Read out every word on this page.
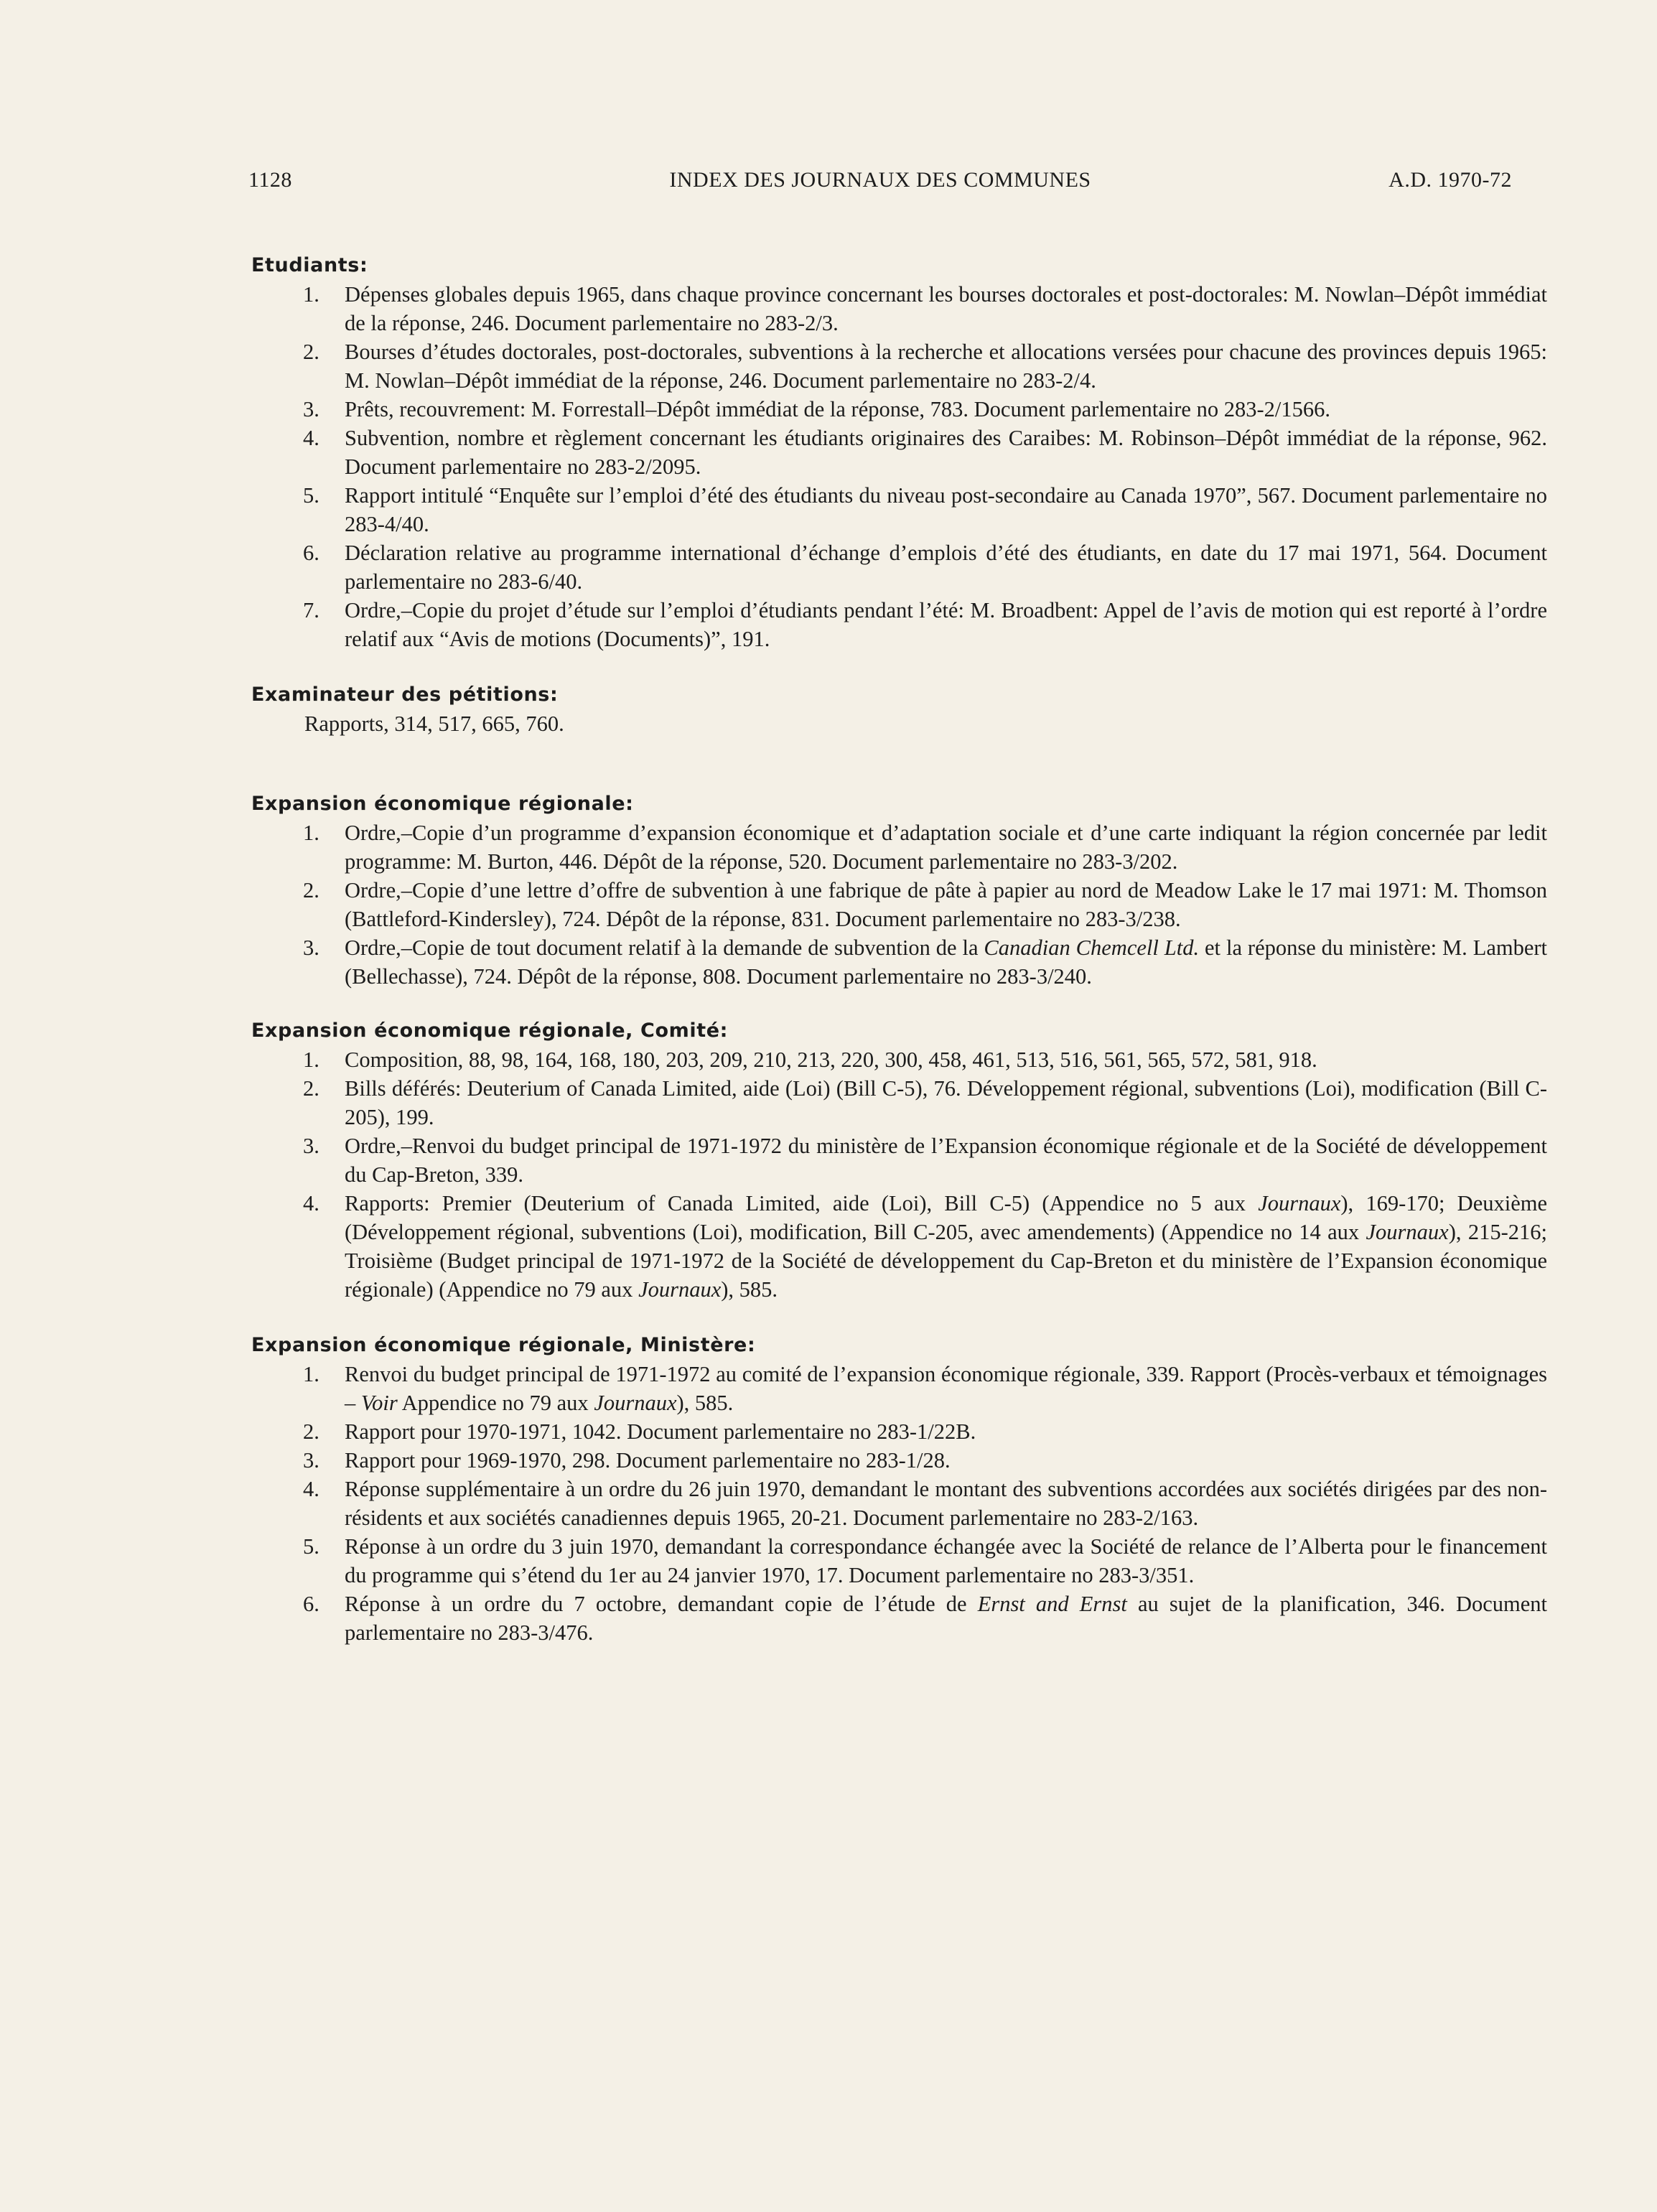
1128	INDEX DES JOURNAUX DES COMMUNES	A.D. 1970-72

Etudiants:

1. Dépenses globales depuis 1965, dans chaque province concernant les bourses doctorales et post-doctorales: M. Nowlan–Dépôt immédiat de la réponse, 246. Document parlementaire no 283-2/3.
2. Bourses d’études doctorales, post-doctorales, subventions à la recherche et allocations versées pour chacune des provinces depuis 1965: M. Nowlan–Dépôt immédiat de la réponse, 246. Document parlementaire no 283-2/4.
3. Prêts, recouvrement: M. Forrestall–Dépôt immédiat de la réponse, 783. Document parlementaire no 283-2/1566.
4. Subvention, nombre et règlement concernant les étudiants originaires des Caraibes: M. Robinson–Dépôt immédiat de la réponse, 962. Document parlementaire no 283-2/2095.
5. Rapport intitulé “Enquête sur l’emploi d’été des étudiants du niveau post-secondaire au Canada 1970”, 567. Document parlementaire no 283-4/40.
6. Déclaration relative au programme international d’échange d’emplois d’été des étudiants, en date du 17 mai 1971, 564. Document parlementaire no 283-6/40.
7. Ordre,–Copie du projet d’étude sur l’emploi d’étudiants pendant l’été: M. Broadbent: Appel de l’avis de motion qui est reporté à l’ordre relatif aux “Avis de motions (Documents)”, 191.

Examinateur des pétitions:

Rapports, 314, 517, 665, 760.

Expansion économique régionale:

1. Ordre,–Copie d’un programme d’expansion économique et d’adaptation sociale et d’une carte indiquant la région concernée par ledit programme: M. Burton, 446. Dépôt de la réponse, 520. Document parlementaire no 283-3/202.
2. Ordre,–Copie d’une lettre d’offre de subvention à une fabrique de pâte à papier au nord de Meadow Lake le 17 mai 1971: M. Thomson (Battleford-Kindersley), 724. Dépôt de la réponse, 831. Document parlementaire no 283-3/238.
3. Ordre,–Copie de tout document relatif à la demande de subvention de la Canadian Chemcell Ltd. et la réponse du ministère: M. Lambert (Bellechasse), 724. Dépôt de la réponse, 808. Document parlementaire no 283-3/240.

Expansion économique régionale, Comité:

1. Composition, 88, 98, 164, 168, 180, 203, 209, 210, 213, 220, 300, 458, 461, 513, 516, 561, 565, 572, 581, 918.
2. Bills déférés: Deuterium of Canada Limited, aide (Loi) (Bill C-5), 76. Développement régional, subventions (Loi), modification (Bill C-205), 199.
3. Ordre,–Renvoi du budget principal de 1971-1972 du ministère de l’Expansion économique régionale et de la Société de développement du Cap-Breton, 339.
4. Rapports: Premier (Deuterium of Canada Limited, aide (Loi), Bill C-5) (Appendice no 5 aux Journaux), 169-170; Deuxième (Développement régional, subventions (Loi), modification, Bill C-205, avec amendements) (Appendice no 14 aux Journaux), 215-216; Troisième (Budget principal de 1971-1972 de la Société de développement du Cap-Breton et du ministère de l’Expansion économique régionale) (Appendice no 79 aux Journaux), 585.

Expansion économique régionale, Ministère:

1. Renvoi du budget principal de 1971-1972 au comité de l’expansion économique régionale, 339. Rapport (Procès-verbaux et témoignages – Voir Appendice no 79 aux Journaux), 585.
2. Rapport pour 1970-1971, 1042. Document parlementaire no 283-1/22B.
3. Rapport pour 1969-1970, 298. Document parlementaire no 283-1/28.
4. Réponse supplémentaire à un ordre du 26 juin 1970, demandant le montant des subventions accordées aux sociétés dirigées par des non-résidents et aux sociétés canadiennes depuis 1965, 20-21. Document parlementaire no 283-2/163.
5. Réponse à un ordre du 3 juin 1970, demandant la correspondance échangée avec la Société de relance de l’Alberta pour le financement du programme qui s’étend du 1er au 24 janvier 1970, 17. Document parlementaire no 283-3/351.
6. Réponse à un ordre du 7 octobre, demandant copie de l’étude de Ernst and Ernst au sujet de la planification, 346. Document parlementaire no 283-3/476.
